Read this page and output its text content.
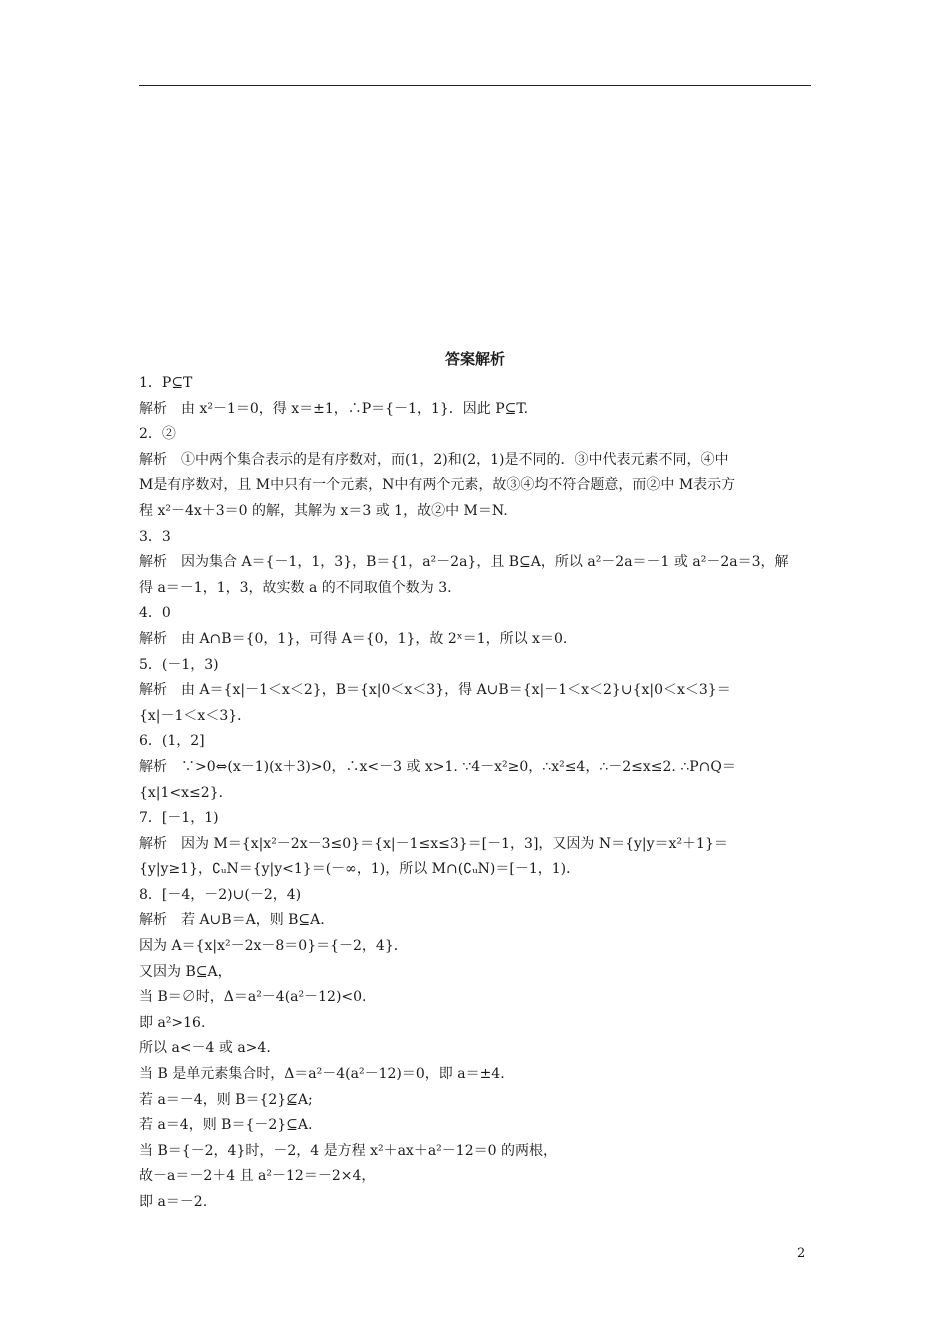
答案解析
1．P⊆T
解析　由 x²－1＝0，得 x＝±1，∴P＝{－1，1}．因此 P⊆T.
2．②
解析　①中两个集合表示的是有序数对，而(1，2)和(2，1)是不同的．③中代表元素不同，④中
M是有序数对，且 M中只有一个元素，N中有两个元素，故③④均不符合题意，而②中 M表示方
程 x²－4x＋3＝0 的解，其解为 x＝3 或 1，故②中 M＝N.
3．3
解析　因为集合 A＝{－1，1，3}，B＝{1，a²－2a}，且 B⊆A，所以 a²－2a＝－1 或 a²－2a＝3，解
得 a＝－1，1，3，故实数 a 的不同取值个数为 3.
4．0
解析　由 A∩B＝{0，1}，可得 A＝{0，1}，故 2ˣ＝1，所以 x＝0.
5．(－1，3)
解析　由 A＝{x|－1＜x＜2}，B＝{x|0＜x＜3}，得 A∪B＝{x|－1＜x＜2}∪{x|0＜x＜3}＝
{x|－1＜x＜3}．
6．(1，2]
解析　∵>0⇔(x－1)(x＋3)>0，∴x<－3 或 x>1. ∵4－x²≥0，∴x²≤4，∴－2≤x≤2. ∴P∩Q＝
{x|1<x≤2}．
7．[－1，1)
解析　因为 M＝{x|x²－2x－3≤0}＝{x|－1≤x≤3}＝[－1，3]，又因为 N＝{y|y＝x²＋1}＝
{y|y≥1}，∁ᵤN＝{y|y<1}＝(－∞，1)，所以 M∩(∁ᵤN)＝[－1，1)．
8．[－4，－2)∪(－2，4)
解析　若 A∪B＝A，则 B⊆A.
因为 A＝{x|x²－2x－8＝0}＝{－2，4}．
又因为 B⊆A，
当 B＝∅时，Δ＝a²－4(a²－12)<0.
即 a²>16.
所以 a<－4 或 a>4.
当 B 是单元素集合时，Δ＝a²－4(a²－12)＝0，即 a＝±4.
若 a＝－4，则 B＝{2}⊈A;
若 a＝4，则 B＝{－2}⊆A.
当 B＝{－2，4}时，－2，4 是方程 x²＋ax＋a²－12＝0 的两根，
故－a＝－2＋4 且 a²－12＝－2×4，
即 a＝－2.
2
